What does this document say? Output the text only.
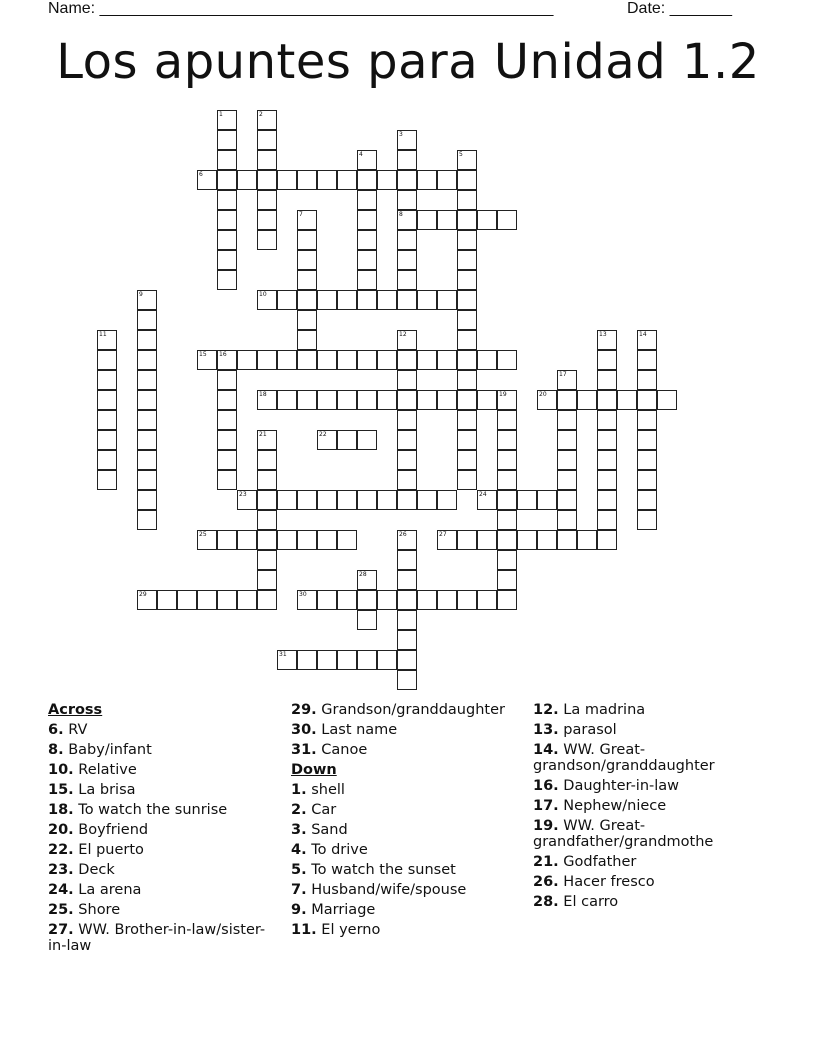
Name: ___________________________________________________	Date: _______
Los apuntes para Unidad 1.2
1	2
3
8
4	5
6
7
9	10
11	12	13	14
15 16
17
18	19	20
21	22
23	24
25	26	27
28
29	30
31
Across
6. RV
8. Baby/infant
10. Relative
15. La brisa
18. To watch the sunrise
20. Boyfriend
22. El puerto
23. Deck
24. La arena
25. Shore
27. WW. Brother-in-law/sister-in-law
29. Grandson/granddaughter
30. Last name
31. Canoe
Down
1. shell
2. Car
3. Sand
4. To drive
5. To watch the sunset
7. Husband/wife/spouse
9. Marriage
11. El yerno
12. La madrina
13. parasol
14. WW. Great-grandson/granddaughter
16. Daughter-in-law
17. Nephew/niece
19. WW. Great-grandfather/grandmothe
21. Godfather
26. Hacer fresco
28. El carro
